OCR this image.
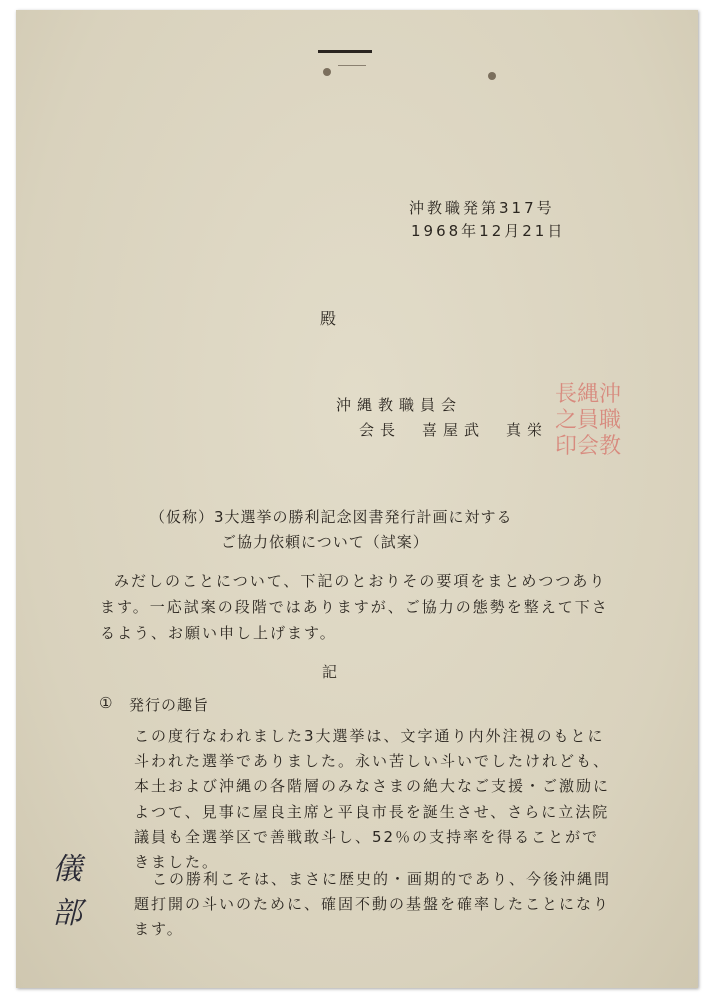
沖教職発第317号
1968年12月21日
殿
沖縄教職員会
会長　喜屋武　真栄
長縄沖
之員職
印会教
（仮称）3大選挙の勝利記念図書発行計画に対する
ご協力依頼について（試案）
みだしのことについて、下記のとおりその要項をまとめつつあり
ます。一応試案の段階ではありますが、ご協力の態勢を整えて下さ
るよう、お願い申し上げます。
記
① 発行の趣旨
この度行なわれました3大選挙は、文字通り内外注視のもとに
斗われた選挙でありました。永い苦しい斗いでしたけれども、
本土および沖縄の各階層のみなさまの絶大なご支援・ご激励に
よつて、見事に屋良主席と平良市長を誕生させ、さらに立法院
議員も全選挙区で善戦敢斗し、52％の支持率を得ることがで
きました。
この勝利こそは、まさに歴史的・画期的であり、今後沖縄問
題打開の斗いのために、確固不動の基盤を確率したことになり
ます。
儀部
